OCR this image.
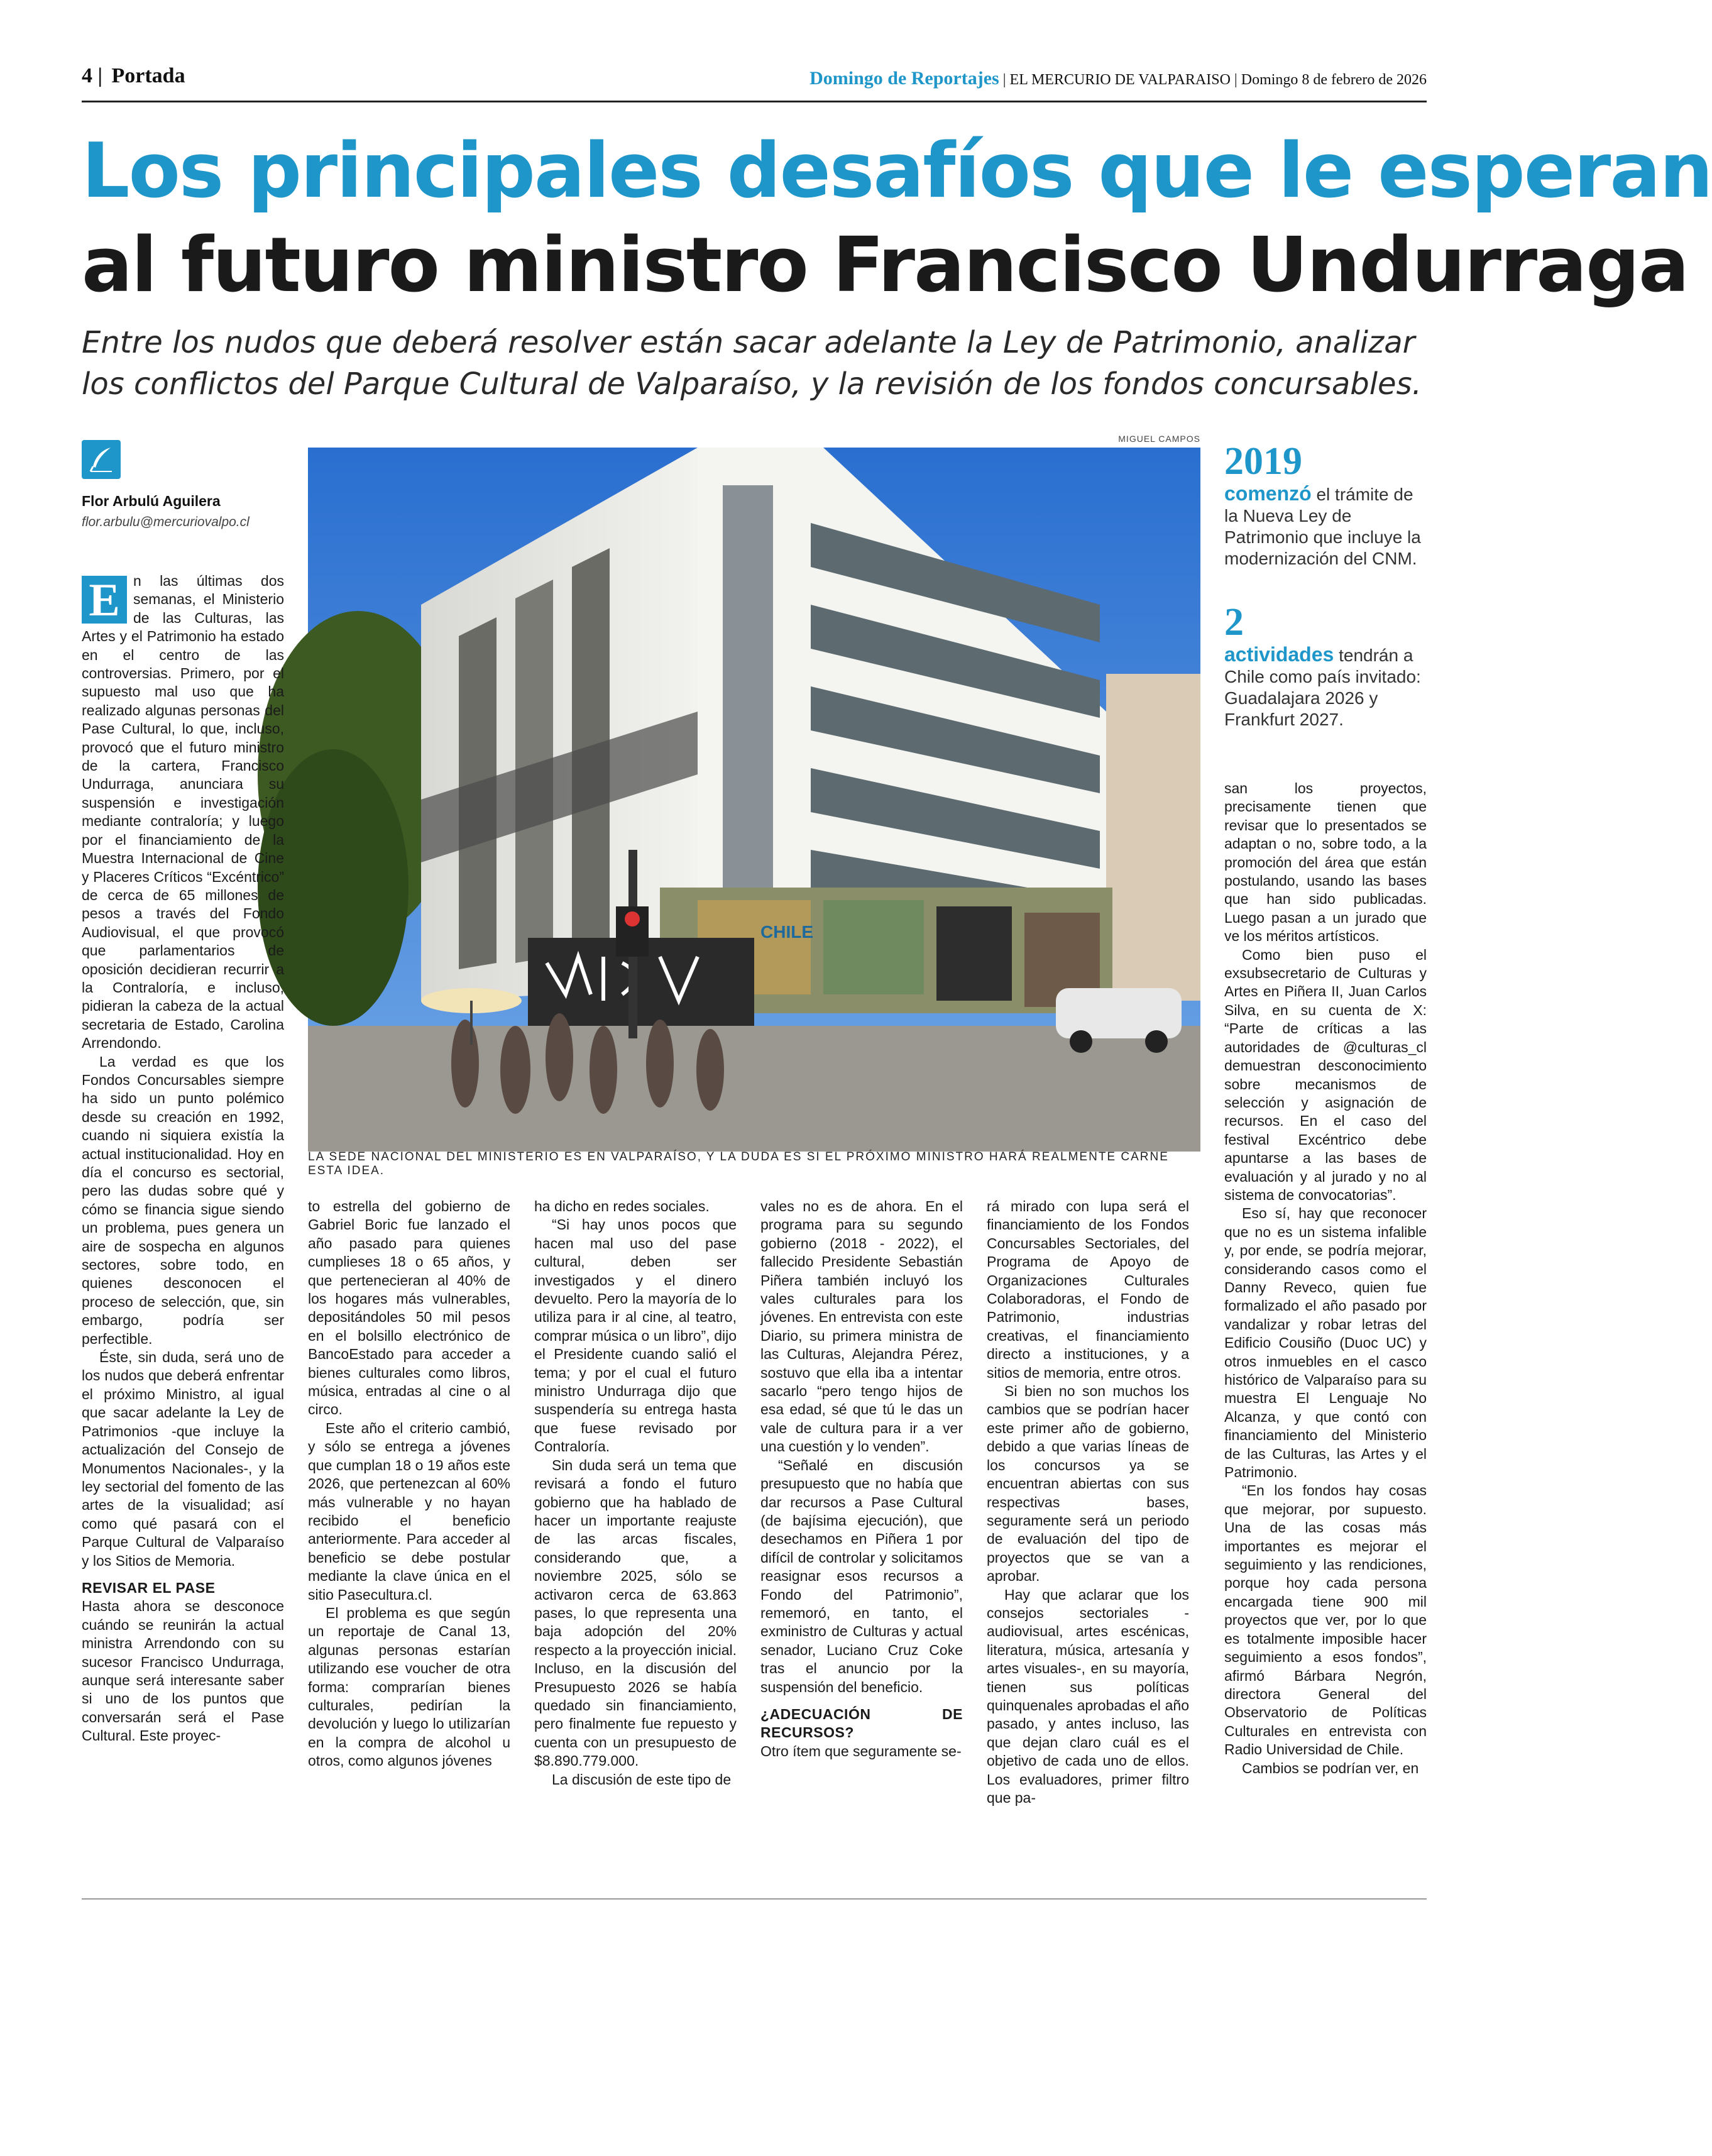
4 | Portada	Domingo de Reportajes | EL MERCURIO DE VALPARAISO | Domingo 8 de febrero de 2026
Los principales desafíos que le esperan
al futuro ministro Francisco Undurraga
Entre los nudos que deberá resolver están sacar adelante la Ley de Patrimonio, analizar los conflictos del Parque Cultural de Valparaíso, y la revisión de los fondos concursables.
Flor Arbulú Aguilera
flor.arbulu@mercuriovalpo.cl
MIGUEL CAMPOS
CHILE
LA SEDE NACIONAL DEL MINISTERIO ES EN VALPARAÍSO, Y LA DUDA ES SI EL PRÓXIMO MINISTRO HARÁ REALMENTE CARNE ESTA IDEA.
2019
comenzó el trámite de la Nueva Ley de Patrimonio que incluye la modernización del CNM.
2
actividades tendrán a Chile como país invitado: Guadalajara 2026 y Frankfurt 2027.

E n las últimas dos semanas, el Ministerio de las Culturas, las Artes y el Patrimonio ha estado en el centro de las controversias. Primero, por el supuesto mal uso que ha realizado algunas personas del Pase Cultural, lo que, incluso, provocó que el futuro ministro de la cartera, Francisco Undurraga, anunciara su suspensión e investigación mediante contraloría; y luego por el financiamiento de la Muestra Internacional de Cine y Placeres Críticos “Excéntrico” de cerca de 65 millones de pesos a través del Fondo Audiovisual, el que provocó que parlamentarios de oposición decidieran recurrir a la Contraloría, e incluso, pidieran la cabeza de la actual secretaria de Estado, Carolina Arrendondo.

La verdad es que los Fondos Concursables siempre ha sido un punto polémico desde su creación en 1992, cuando ni siquiera existía la actual institucionalidad. Hoy en día el concurso es sectorial, pero las dudas sobre qué y cómo se financia sigue siendo un problema, pues genera un aire de sospecha en algunos sectores, sobre todo, en quienes desconocen el proceso de selección, que, sin embargo, podría ser perfectible.

Éste, sin duda, será uno de los nudos que deberá enfrentar el próximo Ministro, al igual que sacar adelante la Ley de Patrimonios -que incluye la actualización del Consejo de Monumentos Nacionales-, y la ley sectorial del fomento de las artes de la visualidad; así como qué pasará con el Parque Cultural de Valparaíso y los Sitios de Memoria.

REVISAR EL PASE

Hasta ahora se desconoce cuándo se reunirán la actual ministra Arrendondo con su sucesor Francisco Undurraga, aunque será interesante saber si uno de los puntos que conversarán será el Pase Cultural. Este proyec-

to estrella del gobierno de Gabriel Boric fue lanzado el año pasado para quienes cumplieses 18 o 65 años, y que pertenecieran al 40% de los hogares más vulnerables, depositándoles 50 mil pesos en el bolsillo electrónico de BancoEstado para acceder a bienes culturales como libros, música, entradas al cine o al circo.

Este año el criterio cambió, y sólo se entrega a jóvenes que cumplan 18 o 19 años este 2026, que pertenezcan al 60% más vulnerable y no hayan recibido el beneficio anteriormente. Para acceder al beneficio se debe postular mediante la clave única en el sitio Pasecultura.cl.

El problema es que según un reportaje de Canal 13, algunas personas estarían utilizando ese voucher de otra forma: comprarían bienes culturales, pedirían la devolución y luego lo utilizarían en la compra de alcohol u otros, como algunos jóvenes

ha dicho en redes sociales.

“Si hay unos pocos que hacen mal uso del pase cultural, deben ser investigados y el dinero devuelto. Pero la mayoría de lo utiliza para ir al cine, al teatro, comprar música o un libro”, dijo el Presidente cuando salió el tema; y por el cual el futuro ministro Undurraga dijo que suspendería su entrega hasta que fuese revisado por Contraloría.

Sin duda será un tema que revisará a fondo el futuro gobierno que ha hablado de hacer un importante reajuste de las arcas fiscales, considerando que, a noviembre 2025, sólo se activaron cerca de 63.863 pases, lo que representa una baja adopción del 20% respecto a la proyección inicial. Incluso, en la discusión del Presupuesto 2026 se había quedado sin financiamiento, pero finalmente fue repuesto y cuenta con un presupuesto de $8.890.779.000.

La discusión de este tipo de

vales no es de ahora. En el programa para su segundo gobierno (2018 - 2022), el fallecido Presidente Sebastián Piñera también incluyó los vales culturales para los jóvenes. En entrevista con este Diario, su primera ministra de las Culturas, Alejandra Pérez, sostuvo que ella iba a intentar sacarlo “pero tengo hijos de esa edad, sé que tú le das un vale de cultura para ir a ver una cuestión y lo venden”.

“Señalé en discusión presupuesto que no había que dar recursos a Pase Cultural (de bajísima ejecución), que desechamos en Piñera 1 por difícil de controlar y solicitamos reasignar esos recursos a Fondo del Patrimonio”, rememoró, en tanto, el exministro de Culturas y actual senador, Luciano Cruz Coke tras el anuncio por la suspensión del beneficio.

¿ADECUACIÓN DE RECURSOS?

Otro ítem que seguramente se-

rá mirado con lupa será el financiamiento de los Fondos Concursables Sectoriales, del Programa de Apoyo de Organizaciones Culturales Colaboradoras, el Fondo de Patrimonio, industrias creativas, el financiamiento directo a instituciones, y a sitios de memoria, entre otros.

Si bien no son muchos los cambios que se podrían hacer este primer año de gobierno, debido a que varias líneas de los concursos ya se encuentran abiertas con sus respectivas bases, seguramente será un periodo de evaluación del tipo de proyectos que se van a aprobar.

Hay que aclarar que los consejos sectoriales -audiovisual, artes escénicas, literatura, música, artesanía y artes visuales-, en su mayoría, tienen sus políticas quinquenales aprobadas el año pasado, y antes incluso, las que dejan claro cuál es el objetivo de cada uno de ellos. Los evaluadores, primer filtro que pa-

san los proyectos, precisamente tienen que revisar que lo presentados se adaptan o no, sobre todo, a la promoción del área que están postulando, usando las bases que han sido publicadas. Luego pasan a un jurado que ve los méritos artísticos.

Como bien puso el exsubsecretario de Culturas y Artes en Piñera II, Juan Carlos Silva, en su cuenta de X: “Parte de críticas a las autoridades de @culturas_cl demuestran desconocimiento sobre mecanismos de selección y asignación de recursos. En el caso del festival Excéntrico debe apuntarse a las bases de evaluación y al jurado y no al sistema de convocatorias”.

Eso sí, hay que reconocer que no es un sistema infalible y, por ende, se podría mejorar, considerando casos como el Danny Reveco, quien fue formalizado el año pasado por vandalizar y robar letras del Edificio Cousiño (Duoc UC) y otros inmuebles en el casco histórico de Valparaíso para su muestra El Lenguaje No Alcanza, y que contó con financiamiento del Ministerio de las Culturas, las Artes y el Patrimonio.

“En los fondos hay cosas que mejorar, por supuesto. Una de las cosas más importantes es mejorar el seguimiento y las rendiciones, porque hoy cada persona encargada tiene 900 mil proyectos que ver, por lo que es totalmente imposible hacer seguimiento a esos fondos”, afirmó Bárbara Negrón, directora General del Observatorio de Políticas Culturales en entrevista con Radio Universidad de Chile.

Cambios se podrían ver, en
